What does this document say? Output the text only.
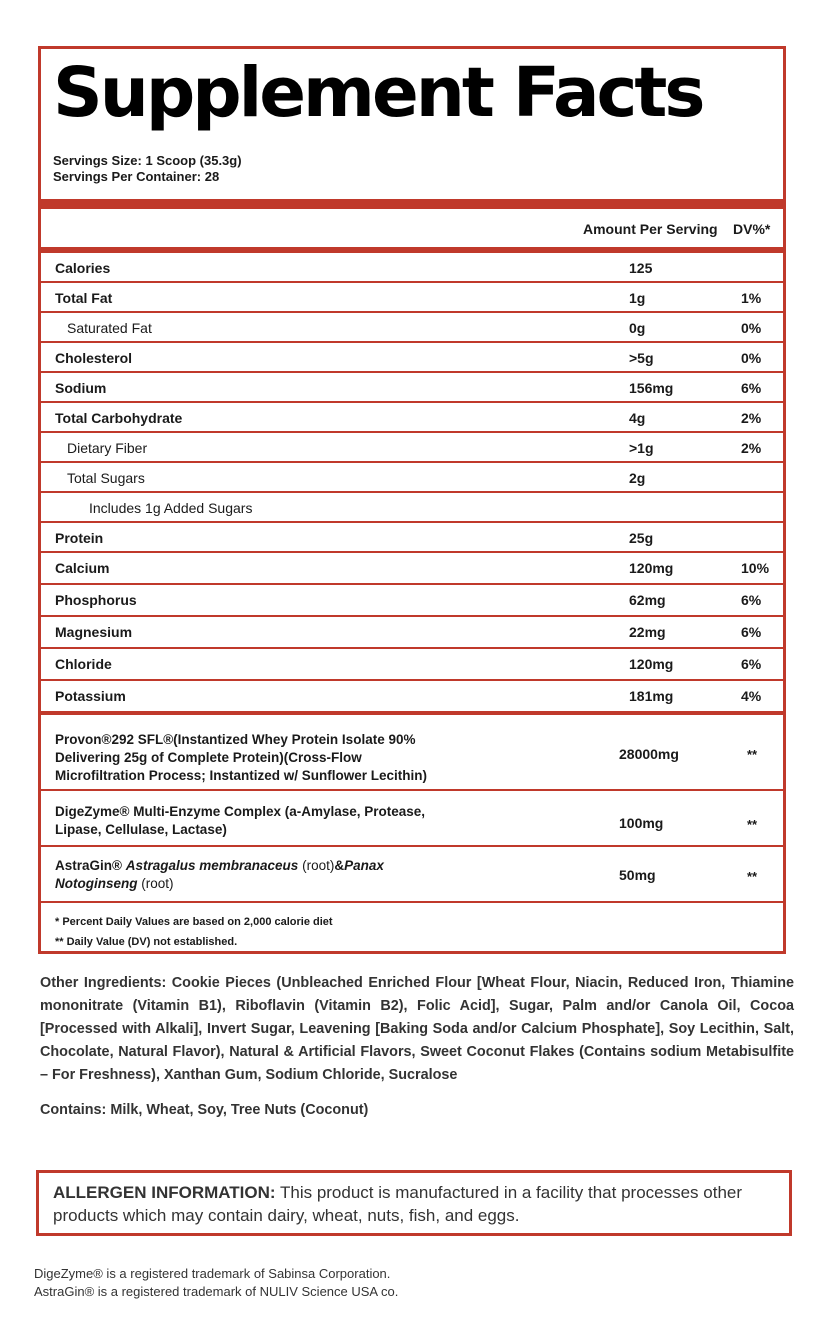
Supplement Facts
Servings Size: 1 Scoop (35.3g)
Servings Per Container: 28
Amount Per Serving DV%*
Calories	125
Total Fat	1g	1%
Saturated Fat	0g	0%
Cholesterol	>5g	0%
Sodium	156mg	6%
Total Carbohydrate	4g	2%
Dietary Fiber	>1g	2%
Total Sugars	2g
Includes 1g Added Sugars
Protein	25g
Calcium	120mg	10%
Phosphorus	62mg	6%
Magnesium	22mg	6%
Chloride	120mg	6%
Potassium	181mg	4%
Provon®292 SFL®(Instantized Whey Protein Isolate 90%
Delivering 25g of Complete Protein)(Cross-Flow
Microfiltration Process; Instantized w/ Sunflower Lecithin)
28000mg	**
DigeZyme® Multi-Enzyme Complex (a-Amylase, Protease,
Lipase, Cellulase, Lactase)	100mg	**
AstraGin® Astragalus membranaceus (root)&Panax
Notoginseng (root)
50mg	**
* Percent Daily Values are based on 2,000 calorie diet
** Daily Value (DV) not established.

Other Ingredients: Cookie Pieces (Unbleached Enriched Flour [Wheat Flour, Niacin, Reduced Iron, Thiamine mononitrate (Vitamin B1), Riboflavin (Vitamin B2), Folic Acid], Sugar, Palm and/or Canola Oil, Cocoa [Processed with Alkali], Invert Sugar, Leavening [Baking Soda and/or Calcium Phosphate], Soy Lecithin, Salt, Chocolate, Natural Flavor), Natural & Artificial Flavors, Sweet Coconut Flakes (Contains sodium Metabisulfite – For Freshness), Xanthan Gum, Sodium Chloride, Sucralose

Contains: Milk, Wheat, Soy, Tree Nuts (Coconut)

ALLERGEN INFORMATION: This product is manufactured in a facility that processes other products which may contain dairy, wheat, nuts, fish, and eggs.

DigeZyme® is a registered trademark of Sabinsa Corporation.

AstraGin® is a registered trademark of NULIV Science USA co.
